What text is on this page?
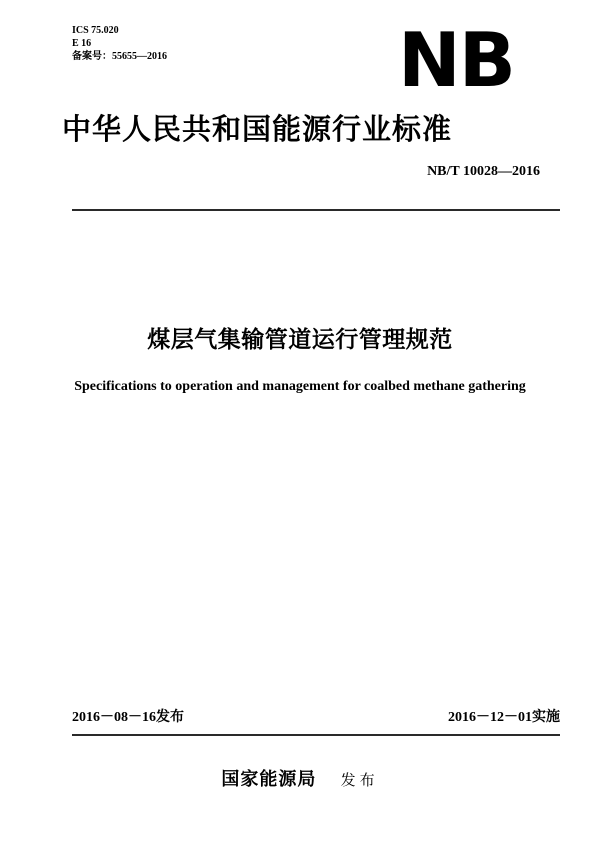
ICS 75.020
E 16
备案号：55655—2016	NB
中华人民共和国能源行业标准
NB/T 10028—2016
煤层气集输管道运行管理规范
Specifications to operation and management for coalbed methane gathering
2016－08－16发布	2016－12－01实施
国家能源局 发布
